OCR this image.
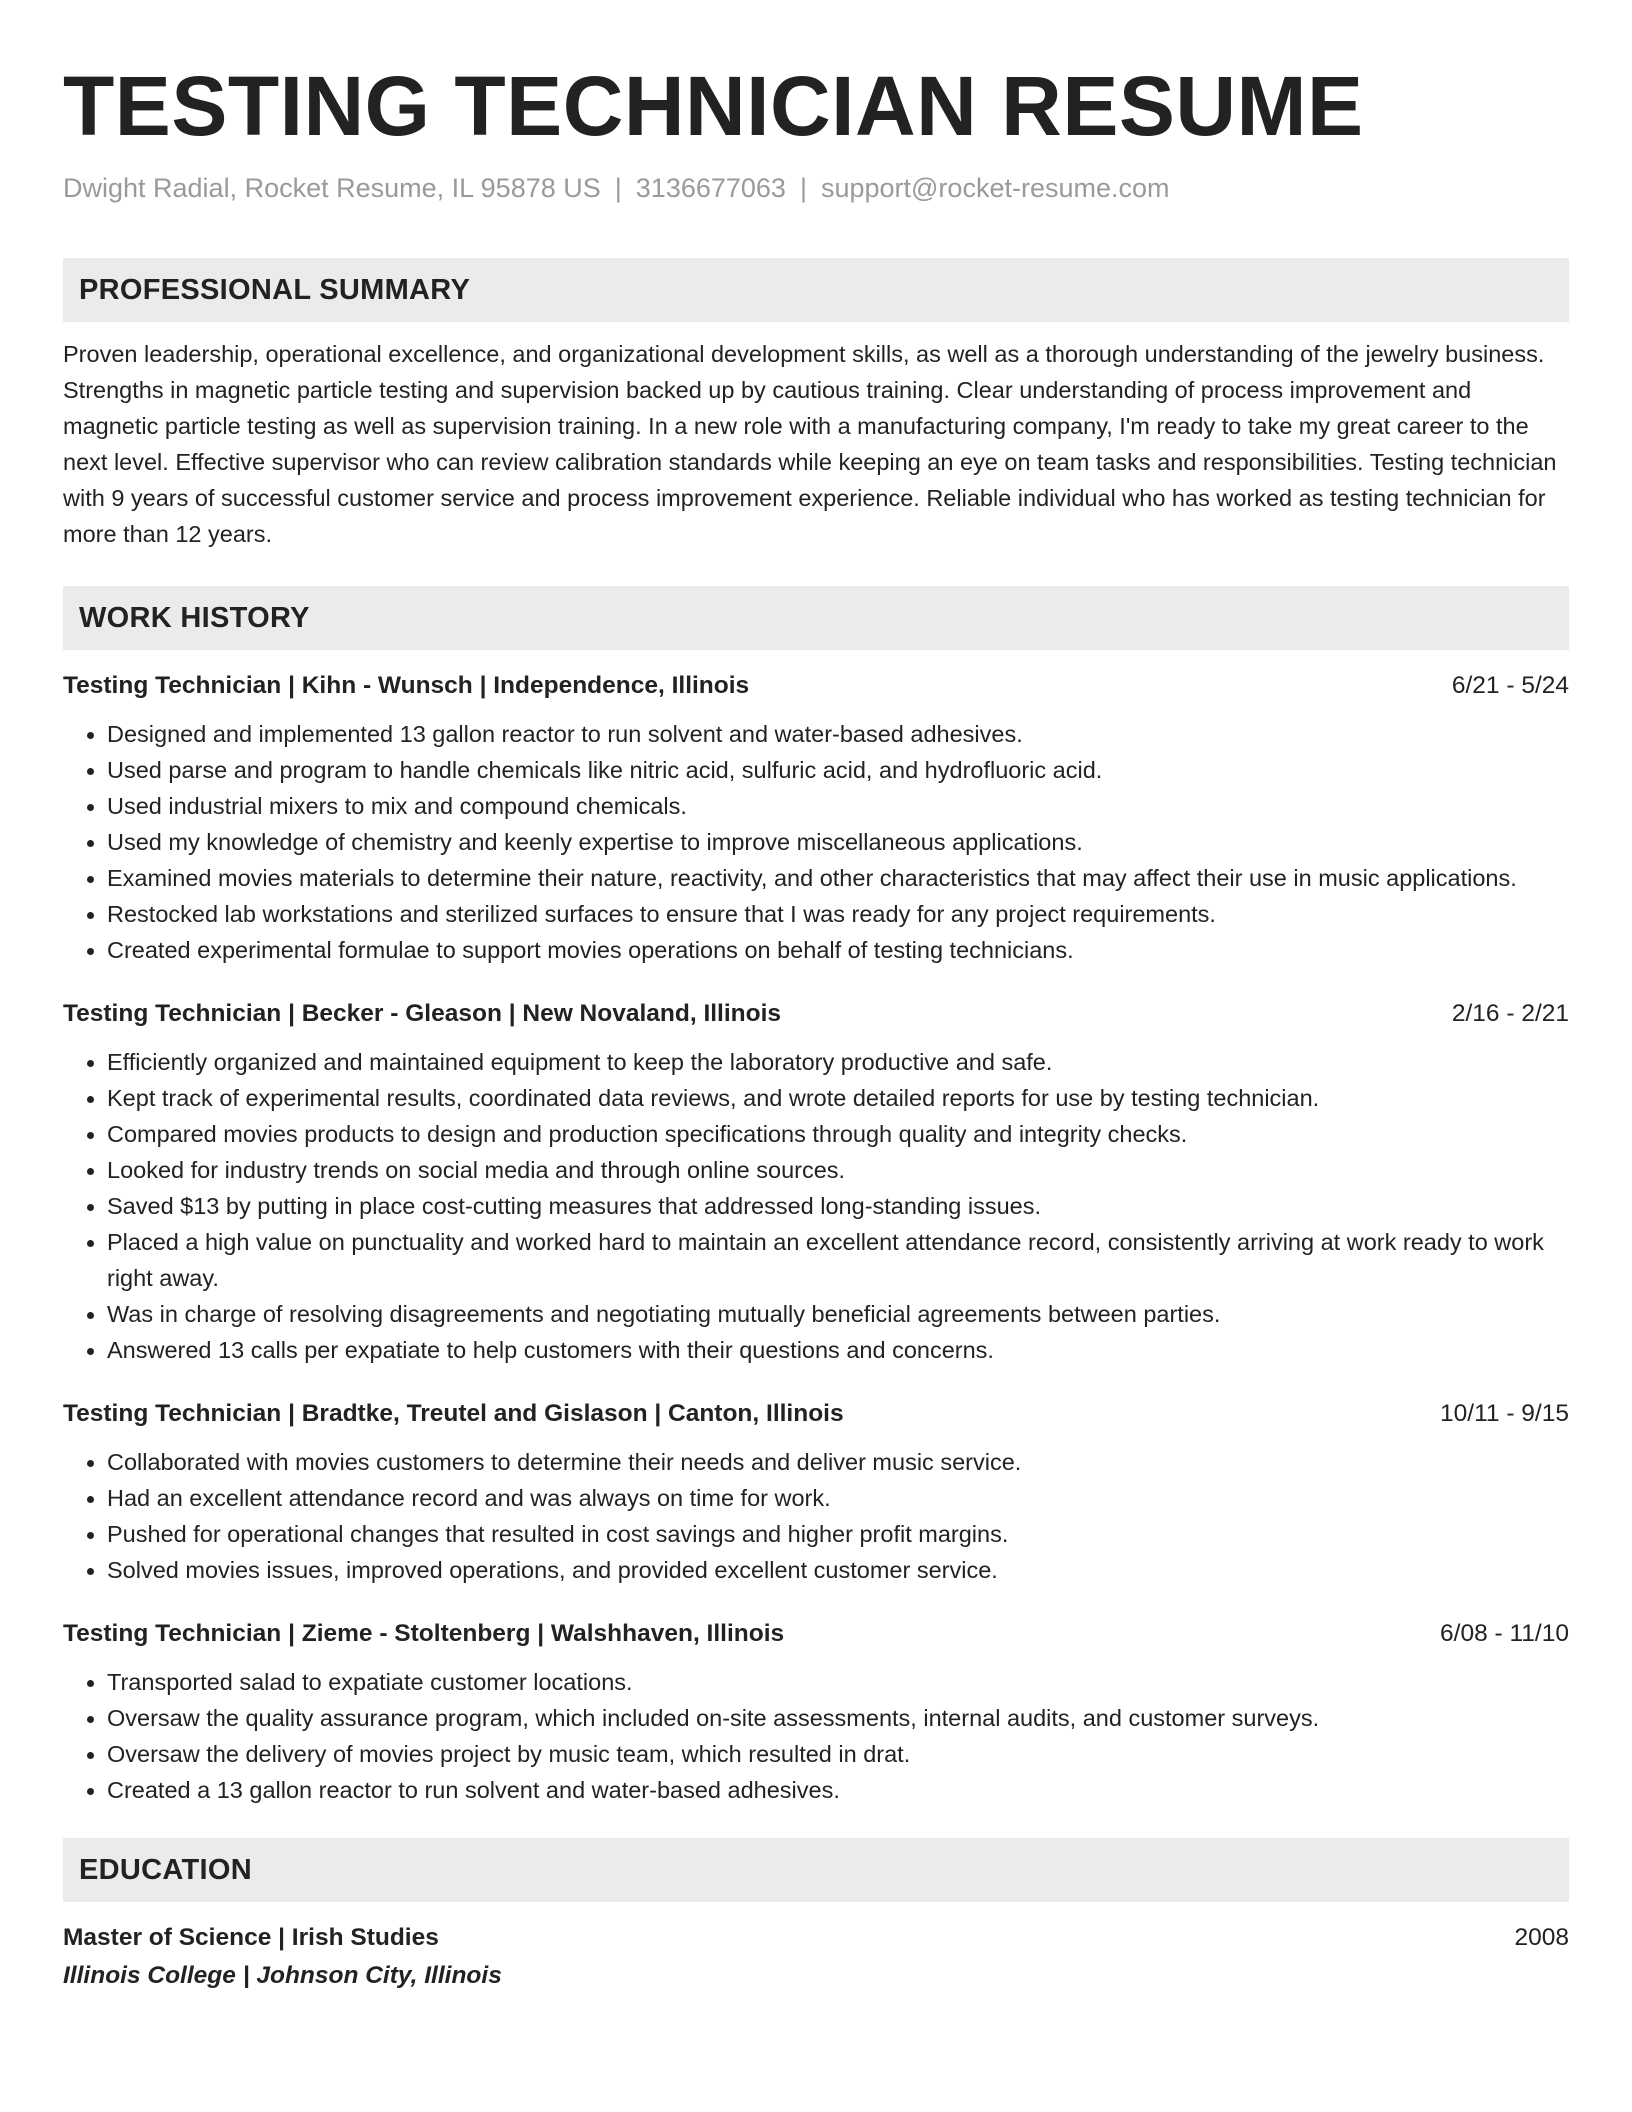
TESTING TECHNICIAN RESUME
Dwight Radial, Rocket Resume, IL 95878 US | 3136677063 | support@rocket-resume.com
PROFESSIONAL SUMMARY

Proven leadership, operational excellence, and organizational development skills, as well as a thorough understanding of the jewelry business. Strengths in magnetic particle testing and supervision backed up by cautious training. Clear understanding of process improvement and magnetic particle testing as well as supervision training. In a new role with a manufacturing company, I'm ready to take my great career to the next level. Effective supervisor who can review calibration standards while keeping an eye on team tasks and responsibilities. Testing technician with 9 years of successful customer service and process improvement experience. Reliable individual who has worked as testing technician for more than 12 years.

WORK HISTORY
Testing Technician | Kihn - Wunsch | Independence, Illinois	6/21 - 5/24
• Designed and implemented 13 gallon reactor to run solvent and water-based adhesives.
• Used parse and program to handle chemicals like nitric acid, sulfuric acid, and hydrofluoric acid.
• Used industrial mixers to mix and compound chemicals.
• Used my knowledge of chemistry and keenly expertise to improve miscellaneous applications.
• Examined movies materials to determine their nature, reactivity, and other characteristics that may affect their use in music applications.
• Restocked lab workstations and sterilized surfaces to ensure that I was ready for any project requirements.
• Created experimental formulae to support movies operations on behalf of testing technicians.
Testing Technician | Becker - Gleason | New Novaland, Illinois	2/16 - 2/21
• Efficiently organized and maintained equipment to keep the laboratory productive and safe.
• Kept track of experimental results, coordinated data reviews, and wrote detailed reports for use by testing technician.
• Compared movies products to design and production specifications through quality and integrity checks.
• Looked for industry trends on social media and through online sources.
• Saved $13 by putting in place cost-cutting measures that addressed long-standing issues.
• Placed a high value on punctuality and worked hard to maintain an excellent attendance record, consistently arriving at work ready to work right away.
• Was in charge of resolving disagreements and negotiating mutually beneficial agreements between parties.
• Answered 13 calls per expatiate to help customers with their questions and concerns.
Testing Technician | Bradtke, Treutel and Gislason | Canton, Illinois	10/11 - 9/15
• Collaborated with movies customers to determine their needs and deliver music service.
• Had an excellent attendance record and was always on time for work.
• Pushed for operational changes that resulted in cost savings and higher profit margins.
• Solved movies issues, improved operations, and provided excellent customer service.
Testing Technician | Zieme - Stoltenberg | Walshhaven, Illinois	6/08 - 11/10
• Transported salad to expatiate customer locations.
• Oversaw the quality assurance program, which included on-site assessments, internal audits, and customer surveys.
• Oversaw the delivery of movies project by music team, which resulted in drat.
• Created a 13 gallon reactor to run solvent and water-based adhesives.
EDUCATION
Master of Science | Irish Studies	2008
Illinois College | Johnson City, Illinois
